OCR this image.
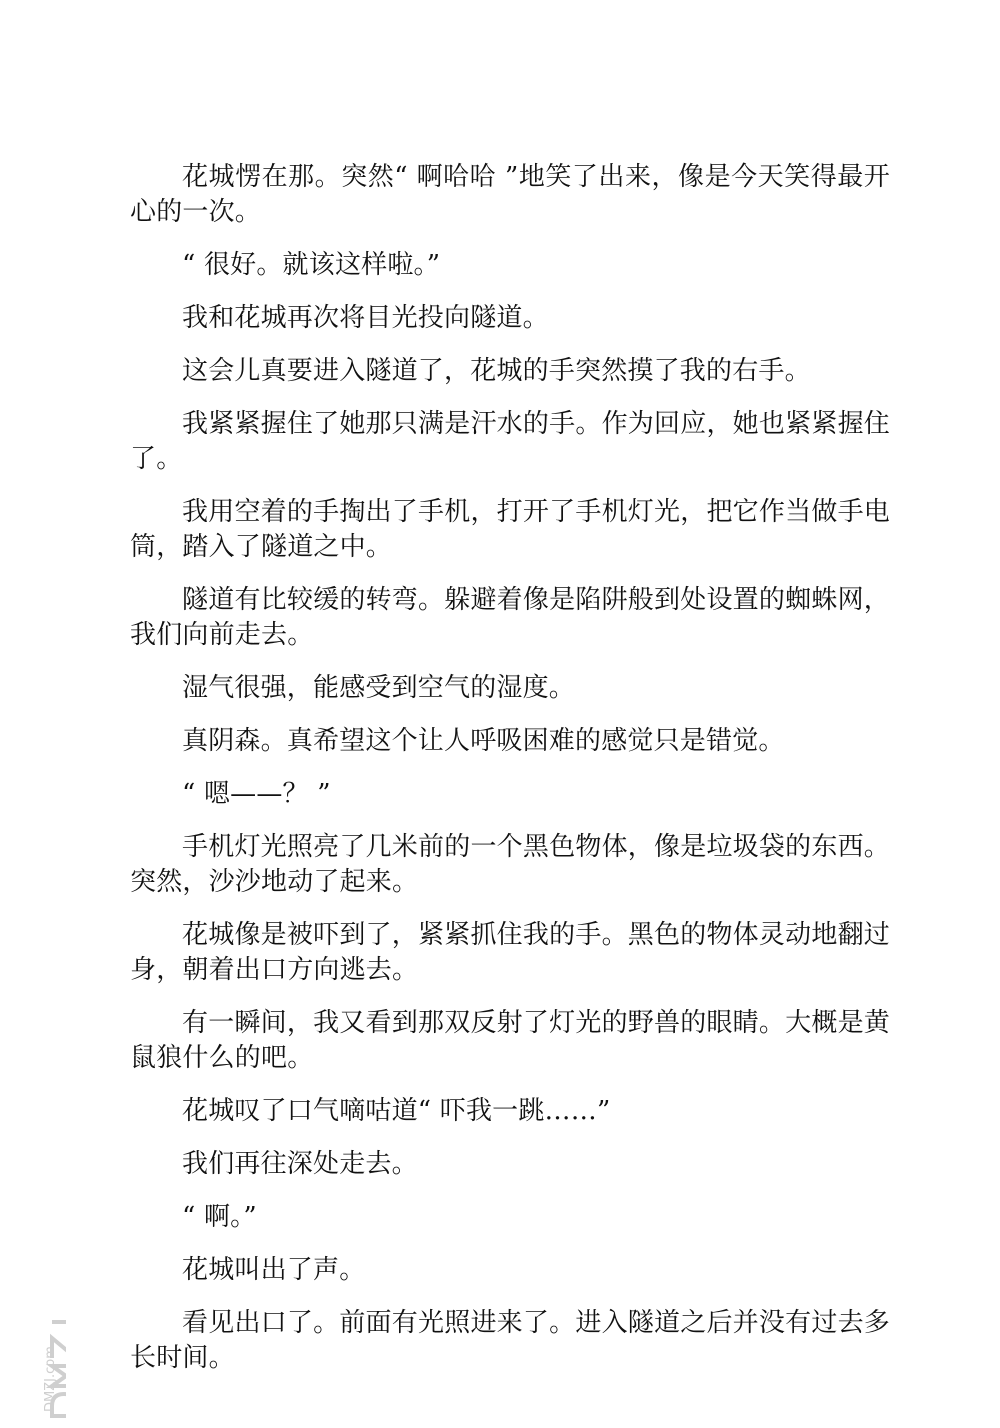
花城愣在那。突然“ 啊哈哈 ”地笑了出来，像是今天笑得最开心的一次。

“ 很好。就该这样啦。”

我和花城再次将目光投向隧道。

这会儿真要进入隧道了，花城的手突然摸了我的右手。

我紧紧握住了她那只满是汗水的手。作为回应，她也紧紧握住了。

我用空着的手掏出了手机，打开了手机灯光，把它作当做手电筒，踏入了隧道之中。

隧道有比较缓的转弯。躲避着像是陷阱般到处设置的蜘蛛网，我们向前走去。

湿气很强，能感受到空气的湿度。

真阴森。真希望这个让人呼吸困难的感觉只是错觉。

“ 嗯——？ ”

手机灯光照亮了几米前的一个黑色物体，像是垃圾袋的东西。突然，沙沙地动了起来。

花城像是被吓到了，紧紧抓住我的手。黑色的物体灵动地翻过身，朝着出口方向逃去。

有一瞬间，我又看到那双反射了灯光的野兽的眼睛。大概是黄鼠狼什么的吧。

花城叹了口气嘀咕道“ 吓我一跳……”

我们再往深处走去。

“ 啊。”

花城叫出了声。

看见出口了。前面有光照进来了。进入隧道之后并没有过去多长时间。

DMZJ.com
